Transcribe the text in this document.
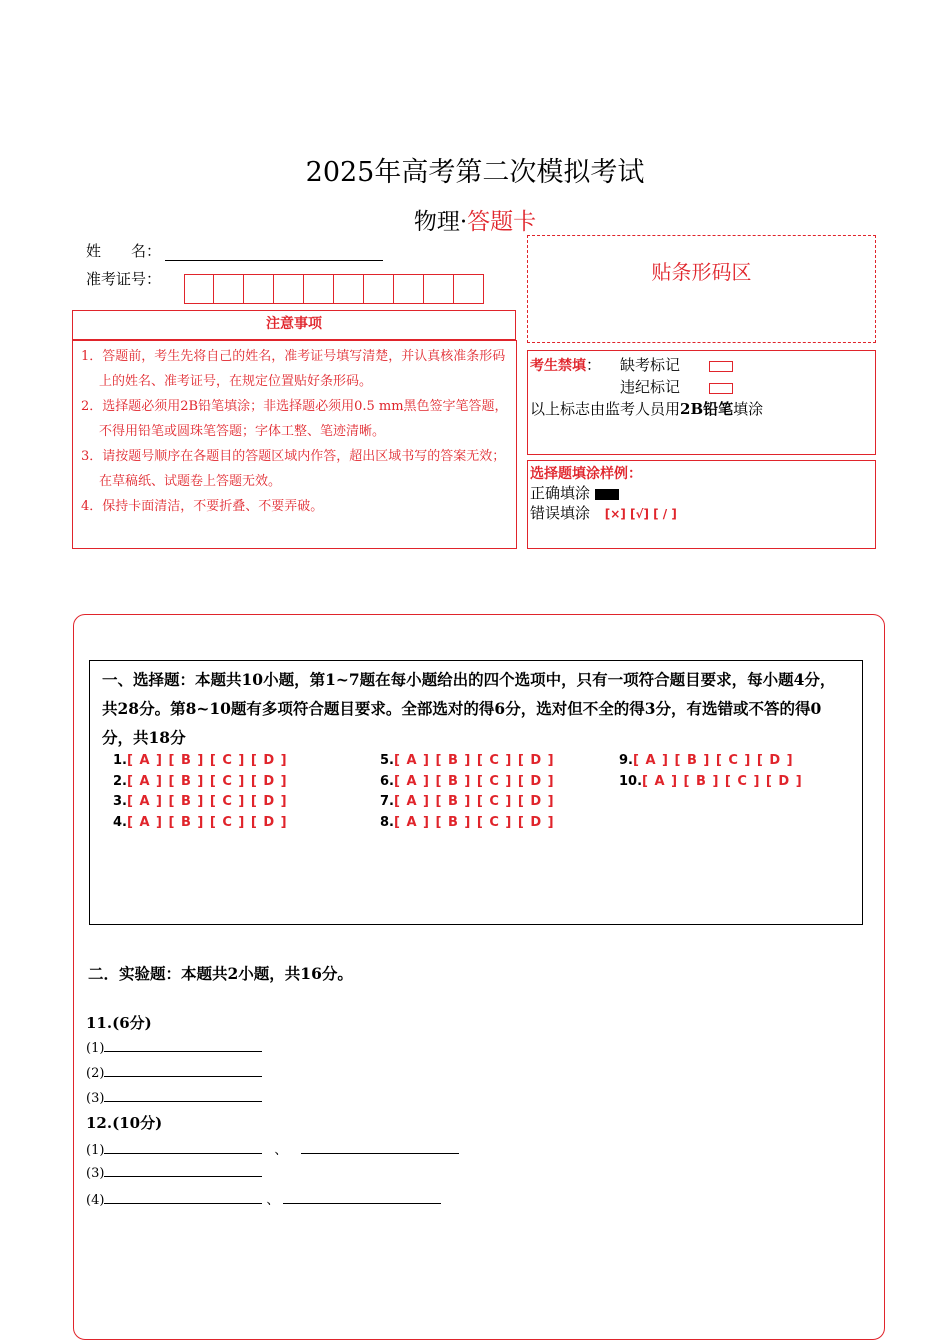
2025年高考第二次模拟考试
物理·答题卡
姓　　名：
准考证号：	贴条形码区
注意事项
1．答题前，考生先将自己的姓名，准考证号填写清楚，并认真核准条形码上的姓名、准考证号，在规定位置贴好条形码。
2．选择题必须用2B铅笔填涂；非选择题必须用0.5 mm黑色签字笔答题，不得用铅笔或圆珠笔答题；字体工整、笔迹清晰。
3．请按题号顺序在各题目的答题区域内作答，超出区域书写的答案无效；在草稿纸、试题卷上答题无效。
4．保持卡面清洁，不要折叠、不要弄破。
考生禁填： 缺考标记
违纪标记
以上标志由监考人员用2B铅笔填涂
选择题填涂样例：
正确填涂
错误填涂 [×] [√] [ / ]
一、选择题：本题共10小题，第1~7题在每小题给出的四个选项中，只有一项符合题目要求，每小题4分，共28分。第8~10题有多项符合题目要求。全部选对的得6分，选对但不全的得3分，有选错或不答的得0分，共18分
1.[ A ] [ B ] [ C ] [ D ]
2.[ A ] [ B ] [ C ] [ D ]
3.[ A ] [ B ] [ C ] [ D ]
4.[ A ] [ B ] [ C ] [ D ]
5.[ A ] [ B ] [ C ] [ D ]
6.[ A ] [ B ] [ C ] [ D ]
7.[ A ] [ B ] [ C ] [ D ]
8.[ A ] [ B ] [ C ] [ D ]
9.[ A ] [ B ] [ C ] [ D ]
10.[ A ] [ B ] [ C ] [ D ]
二．实验题：本题共2小题，共16分。
11.(6分)
(1)
(2)
(3)
12.(10分)
(1)	、
(3)
(4)	、
